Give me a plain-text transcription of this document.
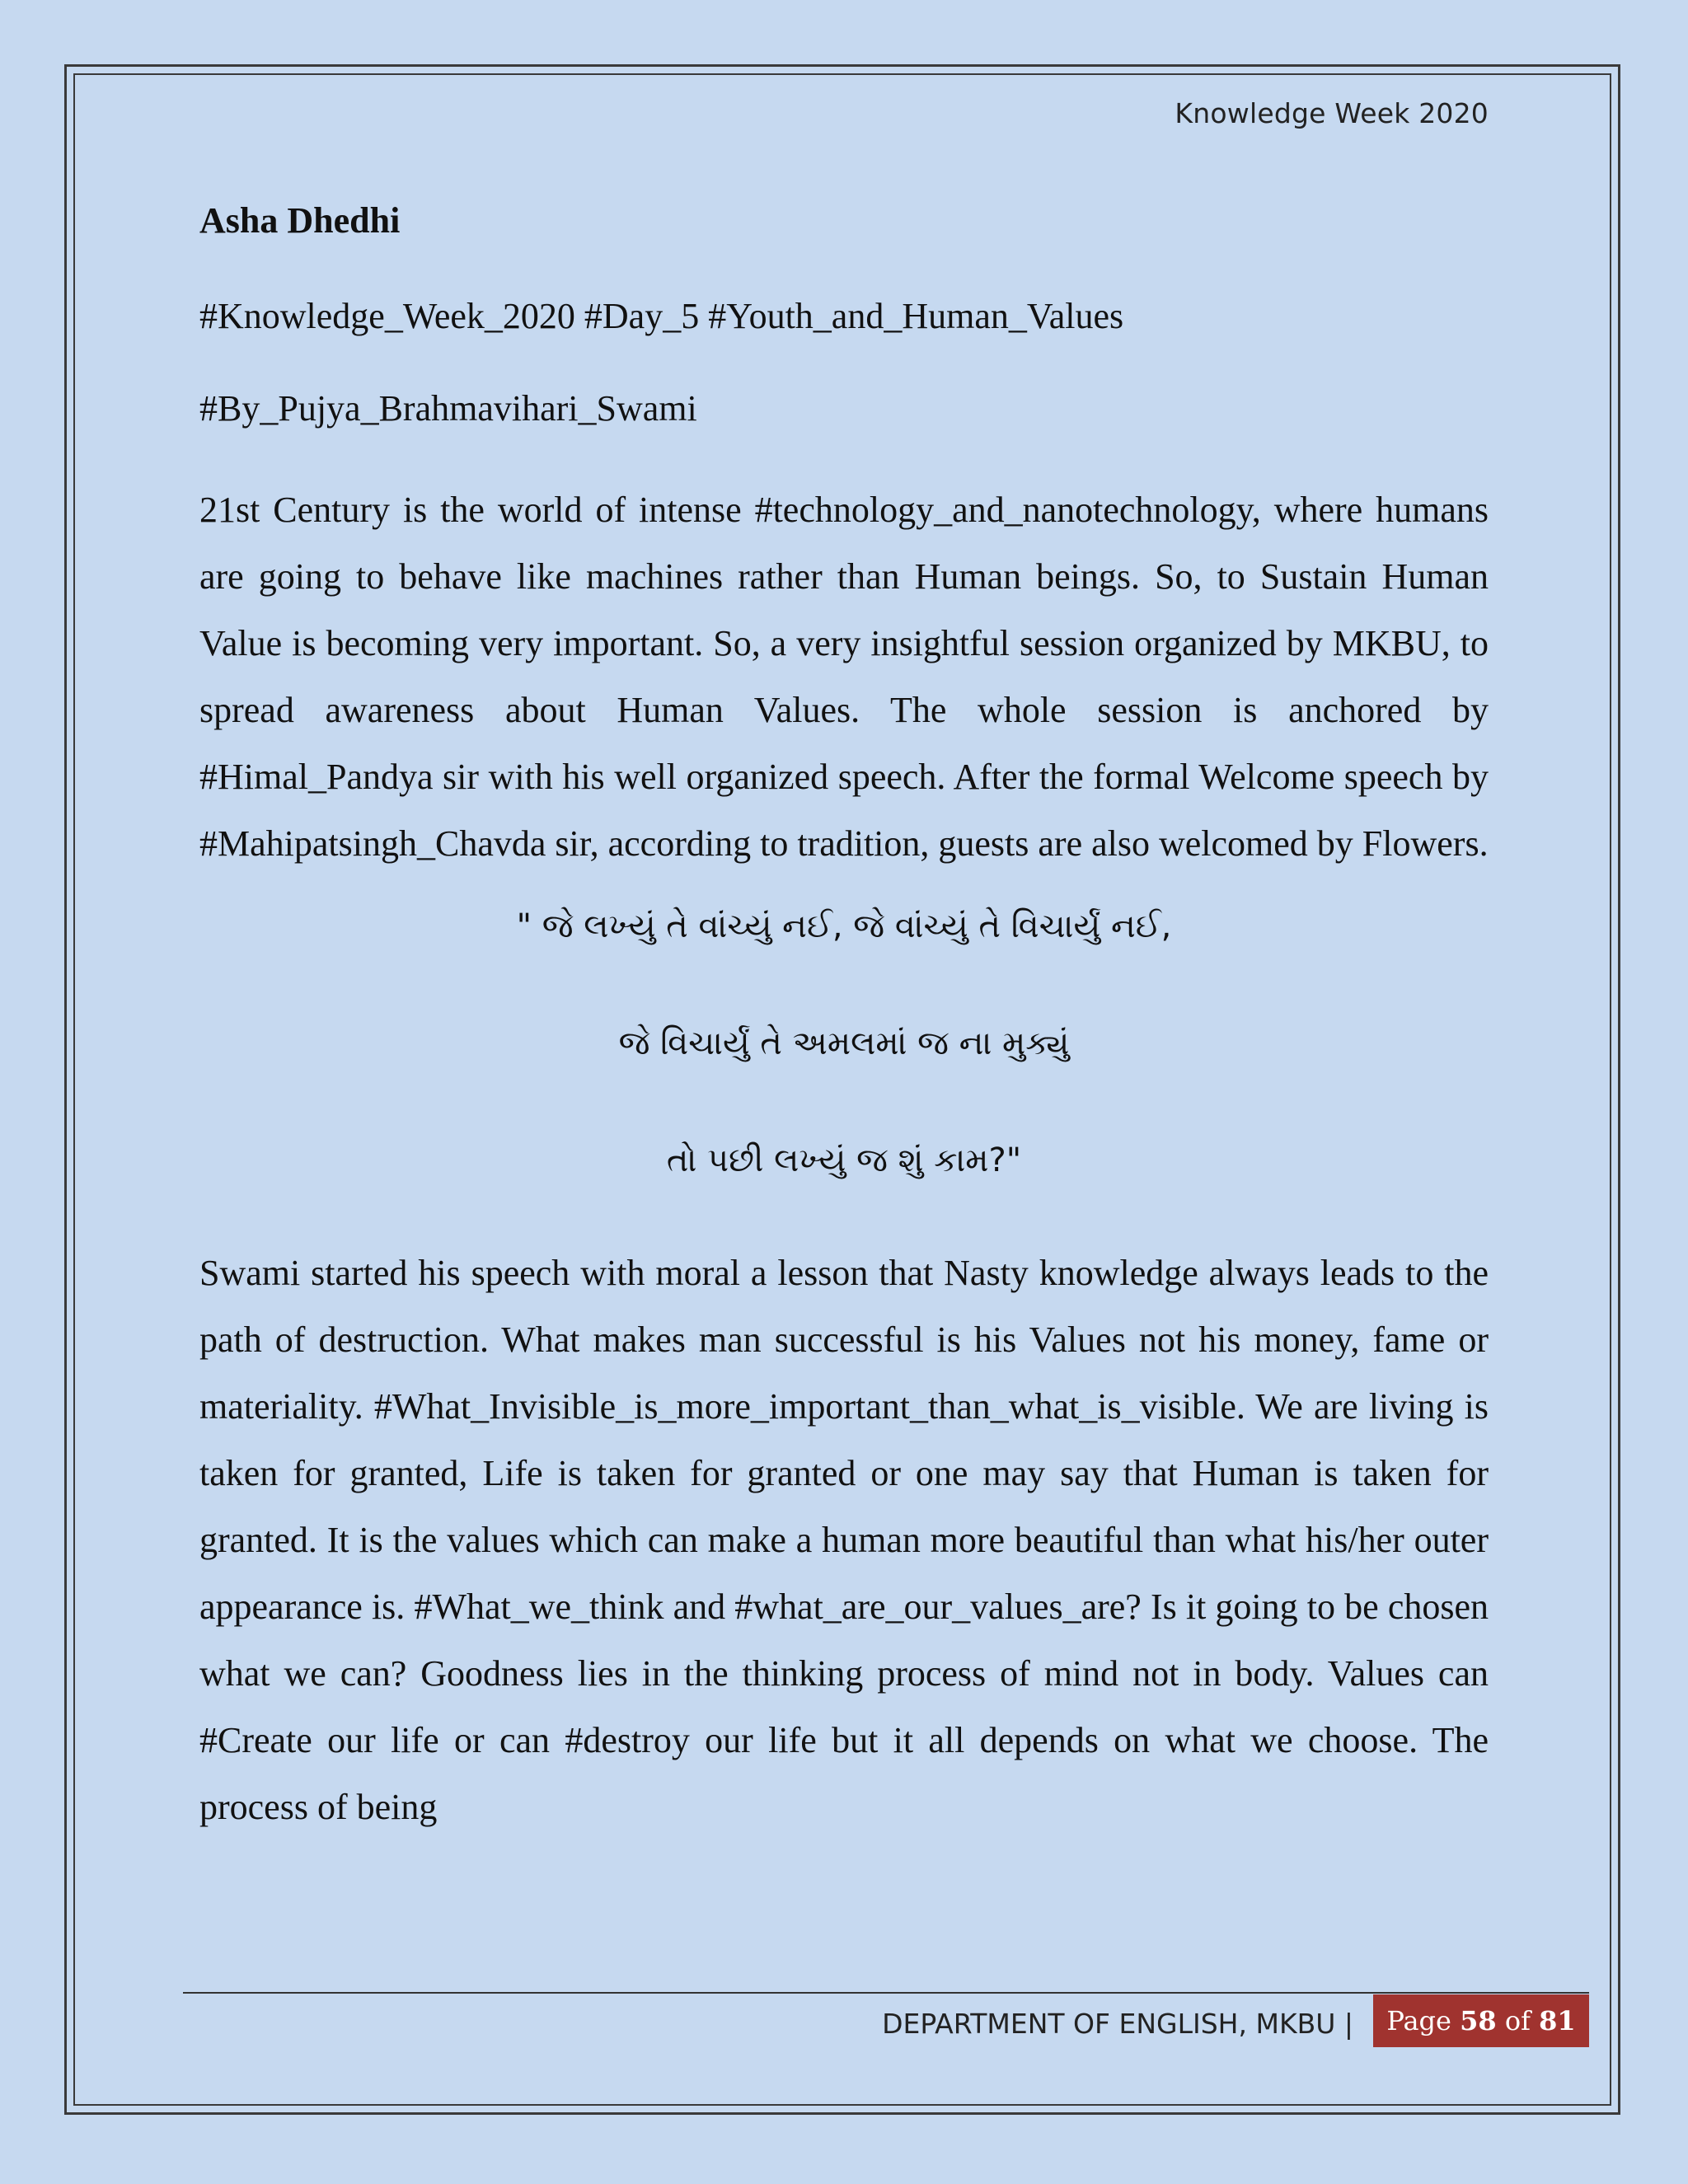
Knowledge Week 2020
Asha Dhedhi
#Knowledge_Week_2020 #Day_5 #Youth_and_Human_Values
#By_Pujya_Brahmavihari_Swami

21st Century is the world of intense #technology_and_nanotechnology, where humans are going to behave like machines rather than Human beings. So, to Sustain Human Value is becoming very important. So, a very insightful session organized by MKBU, to spread awareness about Human Values. The whole session is anchored by #Himal_Pandya sir with his well organized speech. After the formal Welcome speech by #Mahipatsingh_Chavda sir, according to tradition, guests are also welcomed by Flowers.

" જે લખ્યું તે વાંચ્યું નઈ, જે વાંચ્યું તે વિચાર્યું નઈ,
જે વિચાર્યું તે અમલમાં જ ના મુક્યું
તો પછી લખ્યું જ શું કામ?"

Swami started his speech with moral a lesson that Nasty knowledge always leads to the path of destruction. What makes man successful is his Values not his money, fame or materiality. #What_Invisible_is_more_important_than_what_is_visible. We are living is taken for granted, Life is taken for granted or one may say that Human is taken for granted. It is the values which can make a human more beautiful than what his/her outer appearance is. #What_we_think and #what_are_our_values_are? Is it going to be chosen what we can? Goodness lies in the thinking process of mind not in body. Values can #Create our life or can #destroy our life but it all depends on what we choose. The process of being

DEPARTMENT OF ENGLISH, MKBU |	Page 58 of 81
